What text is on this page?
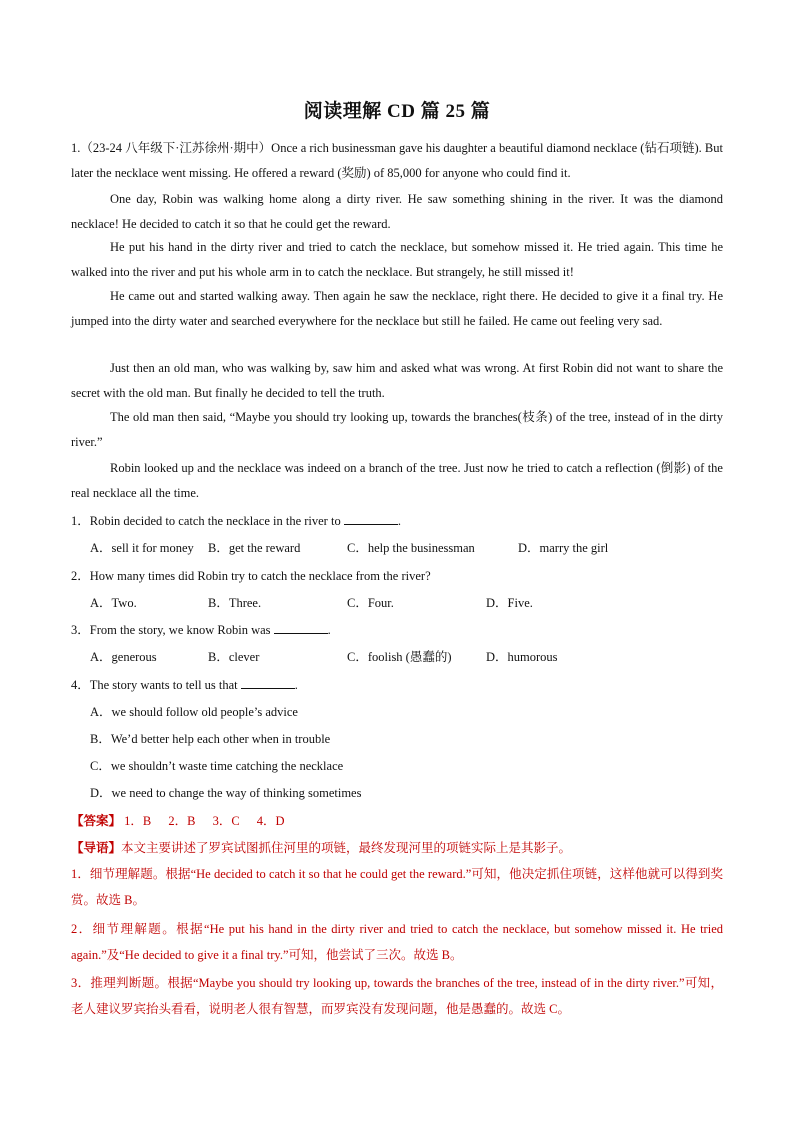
阅读理解 CD 篇 25 篇

1.（23-24 八年级下·江苏徐州·期中）Once a rich businessman gave his daughter a beautiful diamond necklace (钻石项链). But later the necklace went missing. He offered a reward (奖励) of 85,000 for anyone who could find it.

One day, Robin was walking home along a dirty river. He saw something shining in the river. It was the diamond necklace! He decided to catch it so that he could get the reward.

He put his hand in the dirty river and tried to catch the necklace, but somehow missed it. He tried again. This time he walked into the river and put his whole arm in to catch the necklace. But strangely, he still missed it!

He came out and started walking away. Then again he saw the necklace, right there. He decided to give it a final try. He jumped into the dirty water and searched everywhere for the necklace but still he failed. He came out feeling very sad.

Just then an old man, who was walking by, saw him and asked what was wrong. At first Robin did not want to share the secret with the old man. But finally he decided to tell the truth.

The old man then said, “Maybe you should try looking up, towards the branches(枝条) of the tree, instead of in the dirty river.”

Robin looked up and the necklace was indeed on a branch of the tree. Just now he tried to catch a reflection (倒影) of the real necklace all the time.

1．Robin decided to catch the necklace in the river to	.

A．sell it for money B．get the reward	C．help the businessman	D．marry the girl

2．How many times did Robin try to catch the necklace from the river?

A．Two.	B．Three.	C．Four.	D．Five.

3．From the story, we know Robin was	.

A．generous	B．clever	C．foolish (愚蠢的)	D．humorous

4．The story wants to tell us that	.

A．we should follow old people’s advice
B．We’d better help each other when in trouble
C．we shouldn’t waste time catching the necklace
D．we need to change the way of thinking sometimes
【答案】 1．B 2．B 3．C 4．D
【导语】本文主要讲述了罗宾试图抓住河里的项链，最终发现河里的项链实际上是其影子。

1．细节理解题。根据“He decided to catch it so that he could get the reward.”可知，他决定抓住项链，这样他就可以得到奖赏。故选 B。

2．细节理解题。根据“He put his hand in the dirty river and tried to catch the necklace, but somehow missed it. He tried again.”及“He decided to give it a final try.”可知，他尝试了三次。故选 B。

3．推理判断题。根据“Maybe you should try looking up, towards the branches of the tree, instead of in the dirty river.”可知，老人建议罗宾抬头看看，说明老人很有智慧，而罗宾没有发现问题，他是愚蠢的。故选 C。
